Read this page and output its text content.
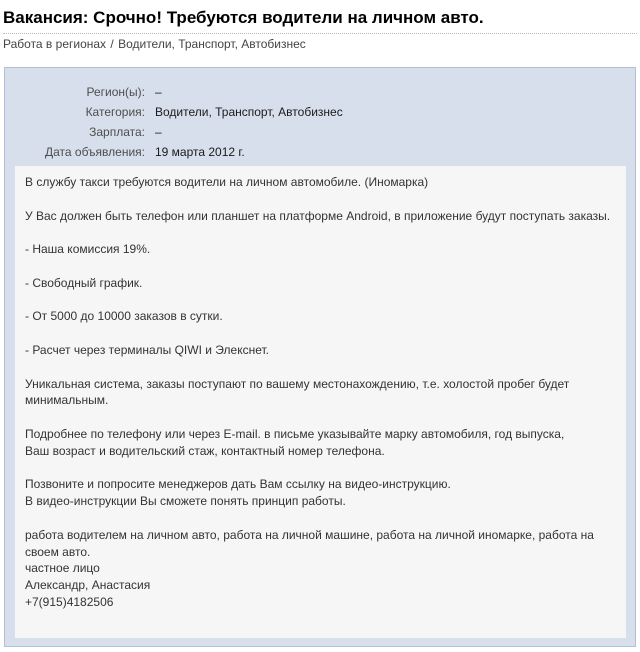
Вакансия: Срочно! Требуются водители на личном авто.
Работа в регионах / Водители, Транспорт, Автобизнес
Регион(ы): –
Категория: Водители, Транспорт, Автобизнес
Зарплата: –
Дата объявления: 19 марта 2012 г.

В службу такси требуются водители на личном автомобиле. (Иномарка)

У Вас должен быть телефон или планшет на платформе Android, в приложение будут поступать заказы.

- Наша комиссия 19%.

- Свободный график.

- От 5000 до 10000 заказов в сутки.

- Расчет через терминалы QIWI и Элекснет.

Уникальная система, заказы поступают по вашему местонахождению, т.е. холостой пробег будет минимальным.

Подробнее по телефону или через E-mail. в письме указывайте марку автомобиля, год выпуска,

Ваш возраст и водительский стаж, контактный номер телефона.

Позвоните и попросите менеджеров дать Вам ссылку на видео-инструкцию.

В видео-инструкции Вы сможете понять принцип работы.

работа водителем на личном авто, работа на личной машине, работа на личной иномарке, работа на своем авто.

частное лицо

Александр, Анастасия

+7(915)4182506
